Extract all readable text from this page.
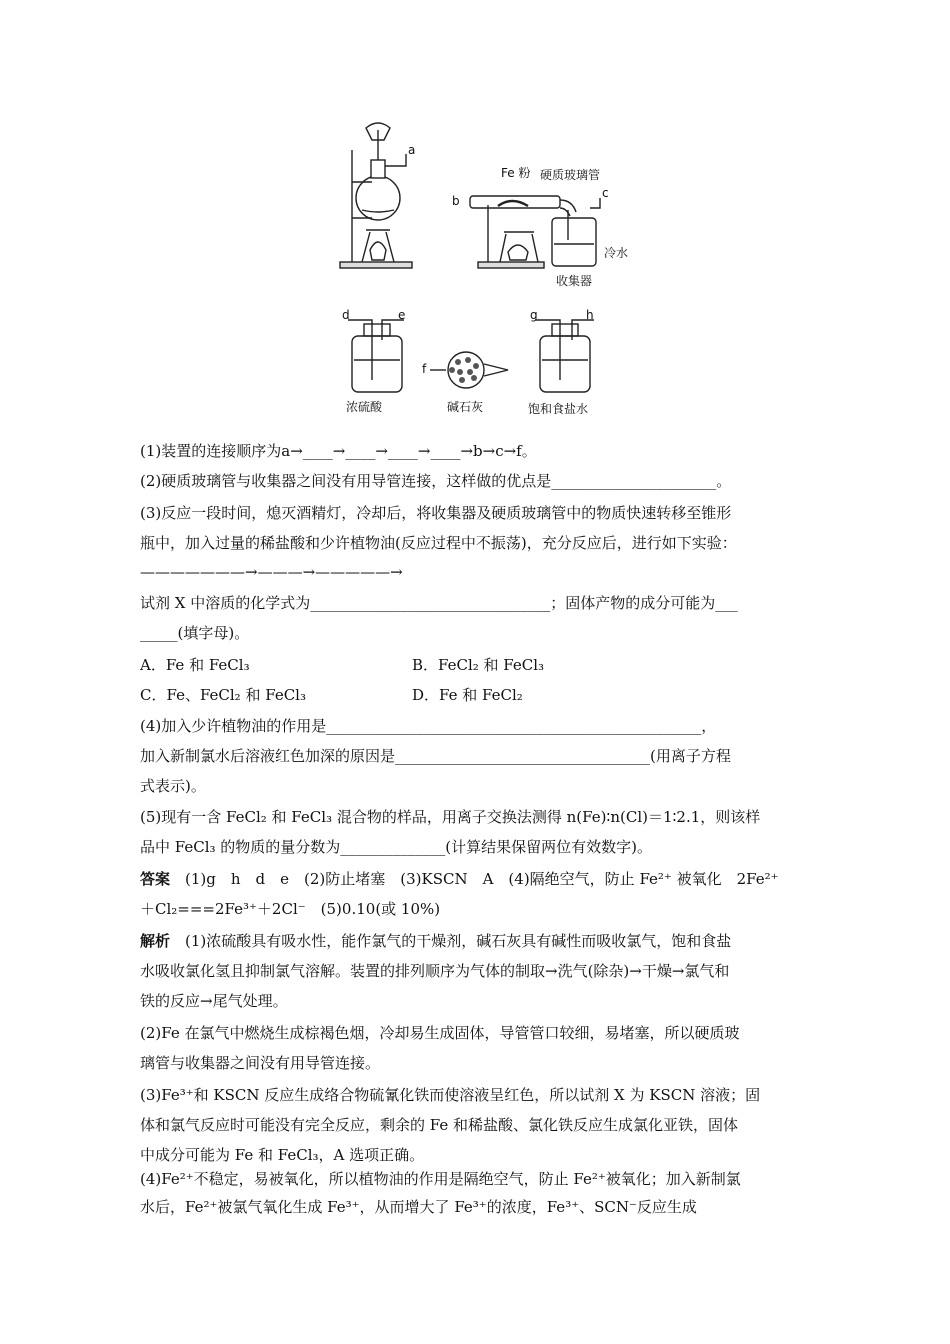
a
b
c
Fe 粉 硬质玻璃管
冷水
收集器
d	e
f
g	h
浓硫酸	碱石灰	饱和食盐水
(1)装置的连接顺序为a→____→____→____→____→b→c→f。
(2)硬质玻璃管与收集器之间没有用导管连接，这样做的优点是______________________。
(3)反应一段时间，熄灭酒精灯，冷却后，将收集器及硬质玻璃管中的物质快速转移至锥形
瓶中，加入过量的稀盐酸和少许植物油(反应过程中不振荡)，充分反应后，进行如下实验：
———————→———→—————→
试剂 X 中溶质的化学式为________________________________；固体产物的成分可能为___
_____(填字母)。
A．Fe 和 FeCl₃	B．FeCl₂ 和 FeCl₃
C．Fe、FeCl₂ 和 FeCl₃	D．Fe 和 FeCl₂
(4)加入少许植物油的作用是__________________________________________________，
加入新制氯水后溶液红色加深的原因是__________________________________(用离子方程
式表示)。
(5)现有一含 FeCl₂ 和 FeCl₃ 混合物的样品，用离子交换法测得 n(Fe)∶n(Cl)＝1∶2.1，则该样
品中 FeCl₃ 的物质的量分数为______________(计算结果保留两位有效数字)。
答案　 (1)g　h　d　e　(2)防止堵塞　(3)KSCN　A　(4)隔绝空气，防止 Fe²⁺ 被氧化　2Fe²⁺
＋Cl₂===2Fe³⁺＋2Cl⁻　(5)0.10(或 10%)
解析　 (1)浓硫酸具有吸水性，能作氯气的干燥剂，碱石灰具有碱性而吸收氯气，饱和食盐
水吸收氯化氢且抑制氯气溶解。装置的排列顺序为气体的制取→洗气(除杂)→干燥→氯气和
铁的反应→尾气处理。
(2)Fe 在氯气中燃烧生成棕褐色烟，冷却易生成固体，导管管口较细，易堵塞，所以硬质玻
璃管与收集器之间没有用导管连接。
(3)Fe³⁺和 KSCN 反应生成络合物硫氰化铁而使溶液呈红色，所以试剂 X 为 KSCN 溶液；固
体和氯气反应时可能没有完全反应，剩余的 Fe 和稀盐酸、氯化铁反应生成氯化亚铁，固体
中成分可能为 Fe 和 FeCl₃，A 选项正确。
(4)Fe²⁺不稳定，易被氧化，所以植物油的作用是隔绝空气，防止 Fe²⁺被氧化；加入新制氯
水后，Fe²⁺被氯气氧化生成 Fe³⁺，从而增大了 Fe³⁺的浓度，Fe³⁺、SCN⁻反应生成
